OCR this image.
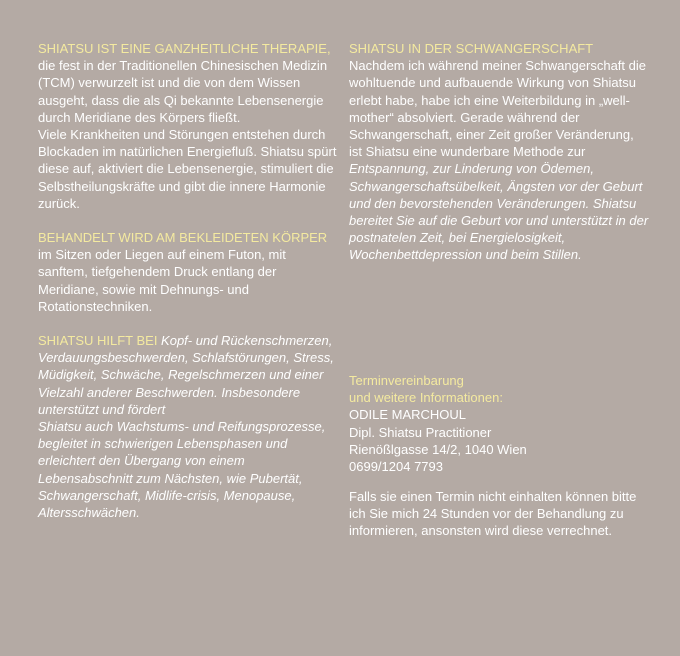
SHIATSU IST EINE GANZHEITLICHE THERAPIE, die fest in der Traditionellen Chinesischen Medizin (TCM) verwurzelt ist und die von dem Wissen ausgeht, dass die als Qi bekannte Lebensenergie durch Meridiane des Körpers fließt.

Viele Krankheiten und Störungen entstehen durch Blockaden im natürlichen Energiefluß. Shiatsu spürt diese auf, aktiviert die Lebensenergie, stimuliert die Selbstheilungskräfte und gibt die innere Harmonie zurück.

BEHANDELT WIRD AM BEKLEIDETEN KÖRPER im Sitzen oder Liegen auf einem Futon, mit sanftem, tiefgehendem Druck entlang der Meridiane, sowie mit Dehnungs- und Rotationstechniken.

SHIATSU HILFT BEI Kopf- und Rückenschmerzen, Verdauungsbeschwerden, Schlafstörungen, Stress, Müdigkeit, Schwäche, Regelschmerzen und einer Vielzahl anderer Beschwerden. Insbesondere unterstützt und fördert

Shiatsu auch Wachstums- und Reifungsprozesse, begleitet in schwierigen Lebensphasen und erleichtert den Übergang von einem Lebensabschnitt zum Nächsten, wie Pubertät, Schwangerschaft, Midlife-crisis, Menopause, Altersschwächen.

SHIATSU IN DER SCHWANGERSCHAFT

Nachdem ich während meiner Schwangerschaft die wohltuende und aufbauende Wirkung von Shiatsu erlebt habe, habe ich eine Weiterbildung in „well-mother“ absolviert. Gerade während der Schwangerschaft, einer Zeit großer Veränderung, ist Shiatsu eine wunderbare Methode zur Entspannung, zur Linderung von Ödemen, Schwangerschaftsübelkeit, Ängsten vor der Geburt und den bevorstehenden Veränderungen. Shiatsu bereitet Sie auf die Geburt vor und unterstützt in der postnatelen Zeit, bei Energielosigkeit, Wochenbettdepression und beim Stillen.

Terminvereinbarung

und weitere Informationen:

ODILE MARCHOUL

Dipl. Shiatsu Practitioner

Rienößlgasse 14/2, 1040 Wien

0699/1204 7793

Falls sie einen Termin nicht einhalten können bitte ich Sie mich 24 Stunden vor der Behandlung zu informieren, ansonsten wird diese verrechnet.
